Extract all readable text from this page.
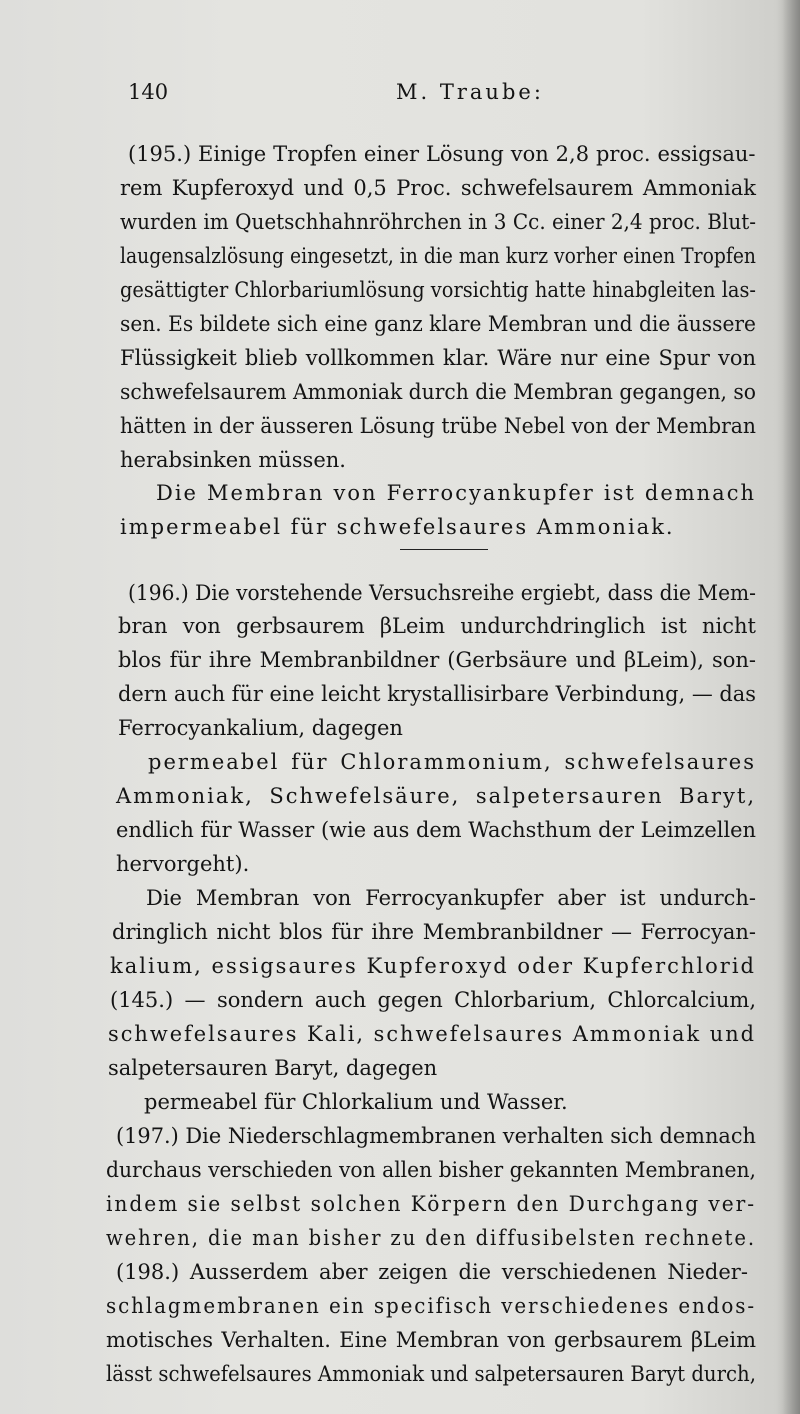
140	M. Traube:
(195.) Einige Tropfen einer Lösung von 2,8 proc. essigsau-
rem Kupferoxyd und 0,5 Proc. schwefelsaurem Ammoniak
wurden im Quetschhahnröhrchen in 3 Cc. einer 2,4 proc. Blut-
laugensalzlösung eingesetzt, in die man kurz vorher einen Tropfen
gesättigter Chlorbariumlösung vorsichtig hatte hinabgleiten las-
sen. Es bildete sich eine ganz klare Membran und die äussere
Flüssigkeit blieb vollkommen klar. Wäre nur eine Spur von
schwefelsaurem Ammoniak durch die Membran gegangen, so
hätten in der äusseren Lösung trübe Nebel von der Membran
herabsinken müssen.
Die Membran von Ferrocyankupfer ist demnach
impermeabel für schwefelsaures Ammoniak.
(196.) Die vorstehende Versuchsreihe ergiebt, dass die Mem-
bran von gerbsaurem βLeim undurchdringlich ist nicht
blos für ihre Membranbildner (Gerbsäure und βLeim), son-
dern auch für eine leicht krystallisirbare Verbindung, — das
Ferrocyankalium, dagegen
permeabel für Chlorammonium, schwefelsaures
Ammoniak, Schwefelsäure, salpetersauren Baryt,
endlich für Wasser (wie aus dem Wachsthum der Leimzellen
hervorgeht).
Die Membran von Ferrocyankupfer aber ist undurch-
dringlich nicht blos für ihre Membranbildner — Ferrocyan-
kalium, essigsaures Kupferoxyd oder Kupferchlorid
(145.) — sondern auch gegen Chlorbarium, Chlorcalcium,
schwefelsaures Kali, schwefelsaures Ammoniak und
salpetersauren Baryt, dagegen
permeabel für Chlorkalium und Wasser.
(197.) Die Niederschlagmembranen verhalten sich demnach
durchaus verschieden von allen bisher gekannten Membranen,
indem sie selbst solchen Körpern den Durchgang ver-
wehren, die man bisher zu den diffusibelsten rechnete.
(198.) Ausserdem aber zeigen die verschiedenen Nieder-
schlagmembranen ein specifisch verschiedenes endos-
motisches Verhalten. Eine Membran von gerbsaurem βLeim
lässt schwefelsaures Ammoniak und salpetersauren Baryt durch,
